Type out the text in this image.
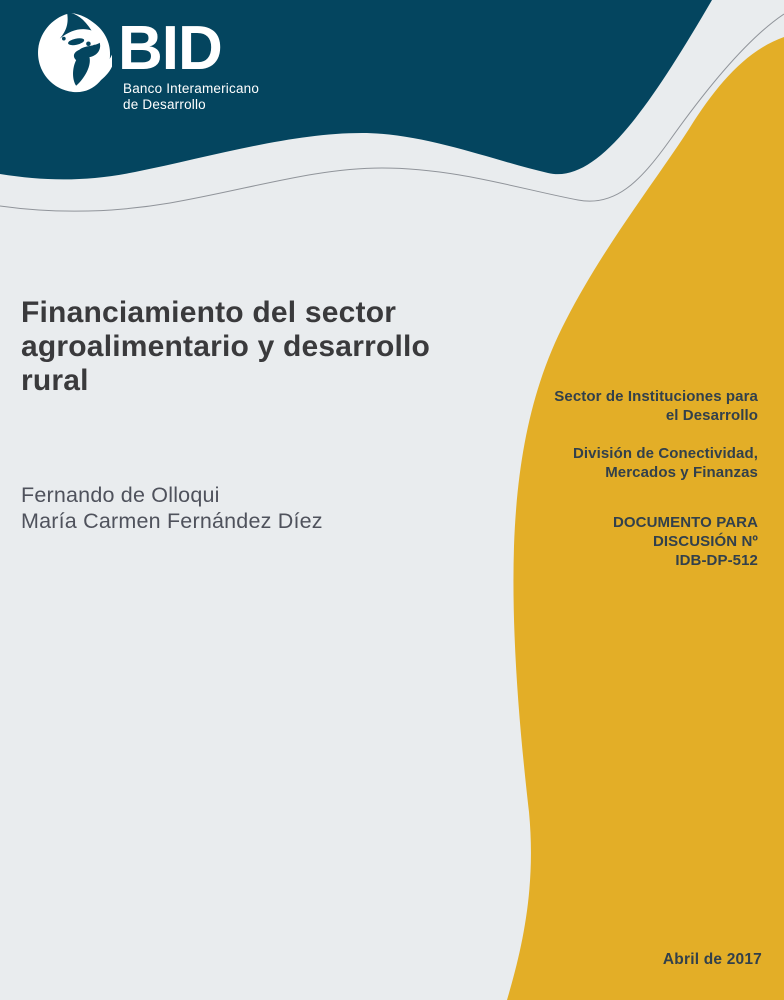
BID
Banco Interamericano
de Desarrollo
Financiamiento del sector
agroalimentario y desarrollo
rural
Fernando de Olloqui
María Carmen Fernández Díez
Sector de Instituciones para
el Desarrollo
División de Conectividad,
Mercados y Finanzas
DOCUMENTO PARA
DISCUSIÓN Nº
IDB-DP-512
Abril de 2017
